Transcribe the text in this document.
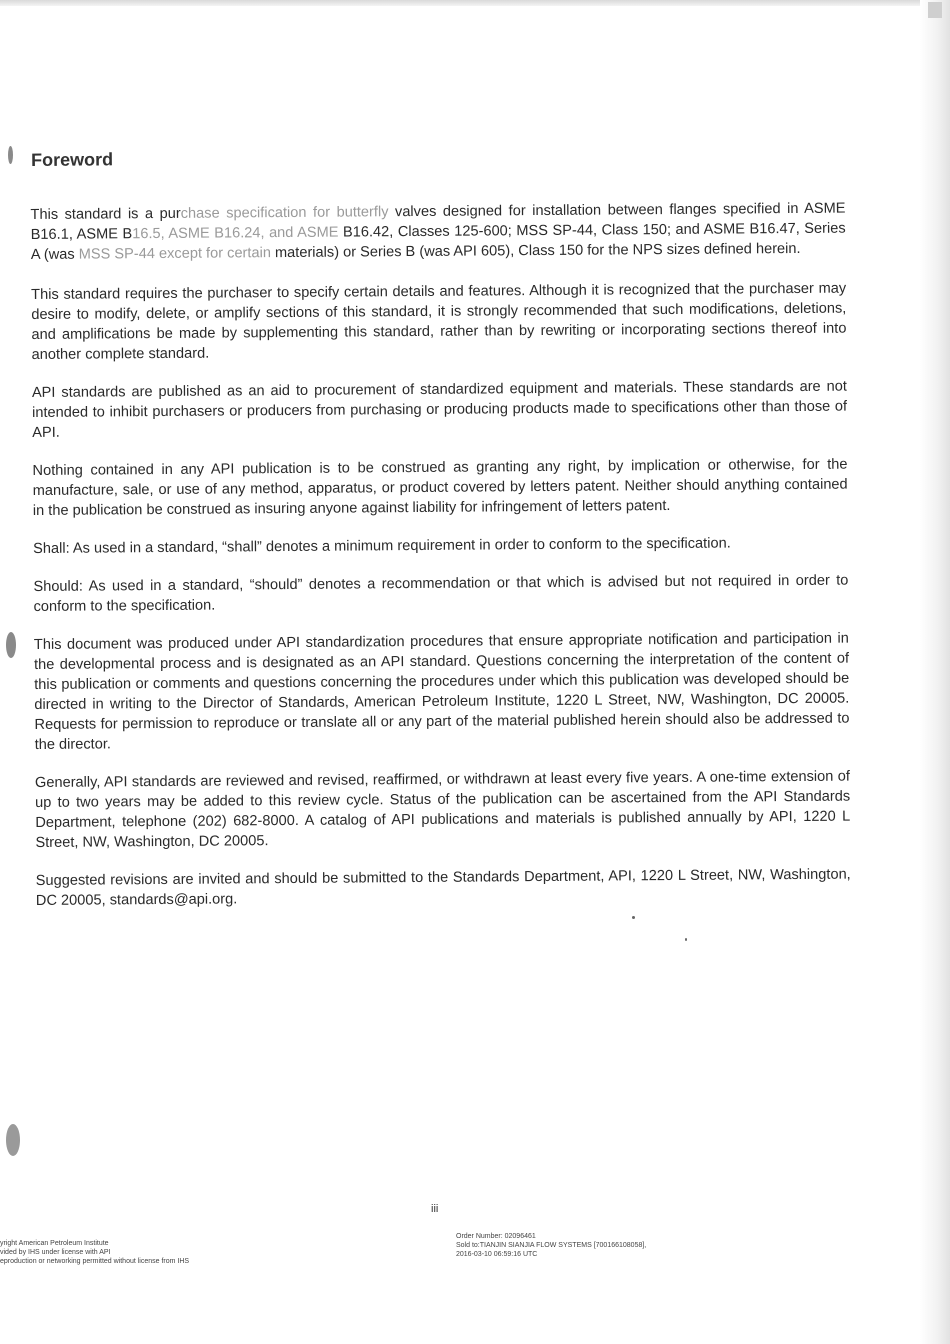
Foreword

This standard is a purchase specification for butterfly valves designed for installation between flanges specified in ASME B16.1, ASME B16.5, ASME B16.24, and ASME B16.42, Classes 125-600; MSS SP-44, Class 150; and ASME B16.47, Series A (was MSS SP-44 except for certain materials) or Series B (was API 605), Class 150 for the NPS sizes defined herein.

This standard requires the purchaser to specify certain details and features. Although it is recognized that the purchaser may desire to modify, delete, or amplify sections of this standard, it is strongly recommended that such modifications, deletions, and amplifications be made by supplementing this standard, rather than by rewriting or incorporating sections thereof into another complete standard.

API standards are published as an aid to procurement of standardized equipment and materials. These standards are not intended to inhibit purchasers or producers from purchasing or producing products made to specifications other than those of API.

Nothing contained in any API publication is to be construed as granting any right, by implication or otherwise, for the manufacture, sale, or use of any method, apparatus, or product covered by letters patent. Neither should anything contained in the publication be construed as insuring anyone against liability for infringement of letters patent.

Shall: As used in a standard, “shall” denotes a minimum requirement in order to conform to the specification.

Should: As used in a standard, “should” denotes a recommendation or that which is advised but not required in order to conform to the specification.

This document was produced under API standardization procedures that ensure appropriate notification and participation in the developmental process and is designated as an API standard. Questions concerning the interpretation of the content of this publication or comments and questions concerning the procedures under which this publication was developed should be directed in writing to the Director of Standards, American Petroleum Institute, 1220 L Street, NW, Washington, DC 20005. Requests for permission to reproduce or translate all or any part of the material published herein should also be addressed to the director.

Generally, API standards are reviewed and revised, reaffirmed, or withdrawn at least every five years. A one-time extension of up to two years may be added to this review cycle. Status of the publication can be ascertained from the API Standards Department, telephone (202) 682-8000. A catalog of API publications and materials is published annually by API, 1220 L Street, NW, Washington, DC 20005.

Suggested revisions are invited and should be submitted to the Standards Department, API, 1220 L Street, NW, Washington, DC 20005, standards@api.org.

iii
yright American Petroleum Institute
vided by IHS under license with API
eproduction or networking permitted without license from IHS
Order Number: 02096461
Sold to:TIANJIN SIANJIA FLOW SYSTEMS [700166108058],
2016-03-10 06:59:16 UTC
